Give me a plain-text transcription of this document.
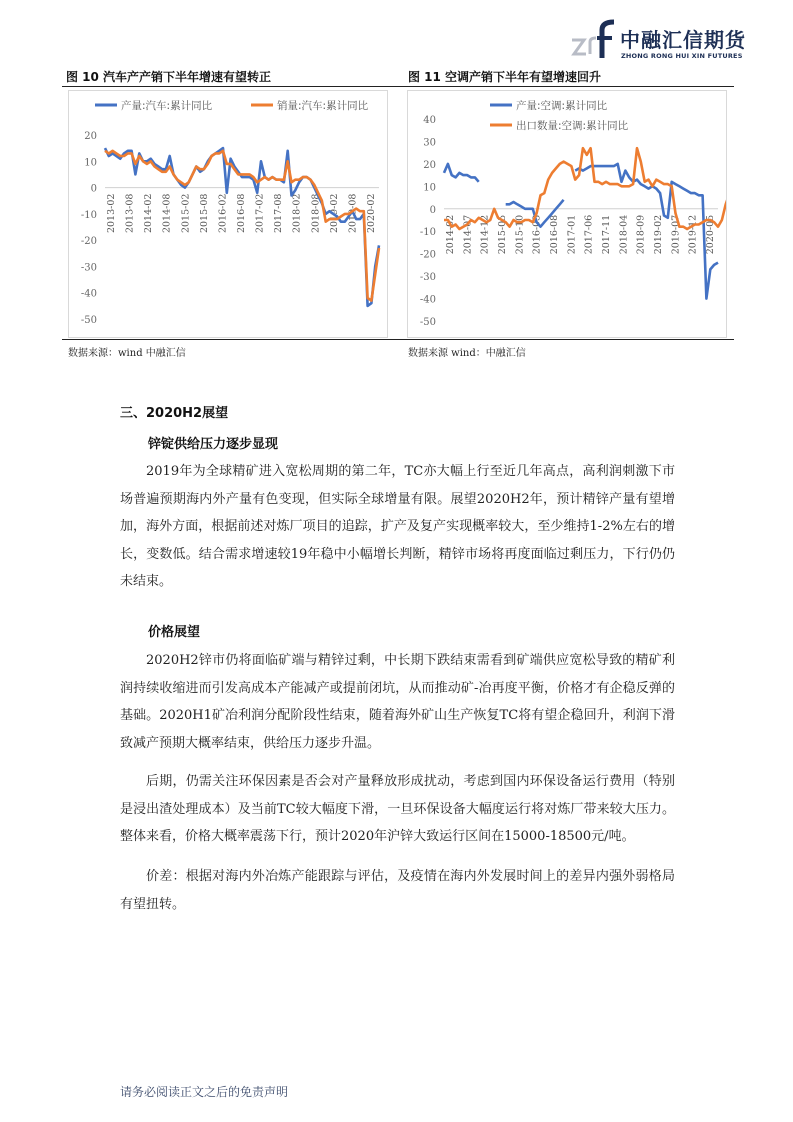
中融汇信期货
ZHONG RONG HUI XIN FUTURES
图 10 汽车产产销下半年增速有望转正	图 11 空调产销下半年有望增速回升
20
10
0
-10
-20
-30
-40
-50
2013-02 2013-08 2014-02 2014-08 2015-02 2015-08 2016-02 2016-08 2017-02 2017-08 2018-02 2018-08 2019-02 2019-08 2020-02
产量:汽车:累计同比	销量:汽车:累计同比
40
30
20
10
0
-10
-20
-30
-40
-50
2014-02 2014-07 2014-12 2015-05 2015-10 2016-03 2016-08 2017-01 2017-06 2017-11 2018-04 2018-09 2019-02 2019-07 2019-12 2020-05
产量:空调:累计同比
出口数量:空调:累计同比
数据来源：wind 中融汇信	数据来源 wind：中融汇信
三、2020H2展望
锌锭供给压力逐步显现

2019年为全球精矿进入宽松周期的第二年，TC亦大幅上行至近几年高点，高利润刺激下市场普遍预期海内外产量有色变现，但实际全球增量有限。展望2020H2年，预计精锌产量有望增加，海外方面，根据前述对炼厂项目的追踪，扩产及复产实现概率较大，至少维持1-2%左右的增长，变数低。结合需求增速较19年稳中小幅增长判断，精锌市场将再度面临过剩压力，下行仍仍未结束。

价格展望

2020H2锌市仍将面临矿端与精锌过剩，中长期下跌结束需看到矿端供应宽松导致的精矿利润持续收缩进而引发高成本产能减产或提前闭坑，从而推动矿-冶再度平衡，价格才有企稳反弹的基础。2020H1矿冶利润分配阶段性结束，随着海外矿山生产恢复TC将有望企稳回升，利润下滑致减产预期大概率结束，供给压力逐步升温。

后期，仍需关注环保因素是否会对产量释放形成扰动，考虑到国内环保设备运行费用（特别是浸出渣处理成本）及当前TC较大幅度下滑，一旦环保设备大幅度运行将对炼厂带来较大压力。整体来看，价格大概率震荡下行，预计2020年沪锌大致运行区间在15000-18500元/吨。

价差：根据对海内外冶炼产能跟踪与评估，及疫情在海内外发展时间上的差异内强外弱格局有望扭转。

请务必阅读正文之后的免责声明
